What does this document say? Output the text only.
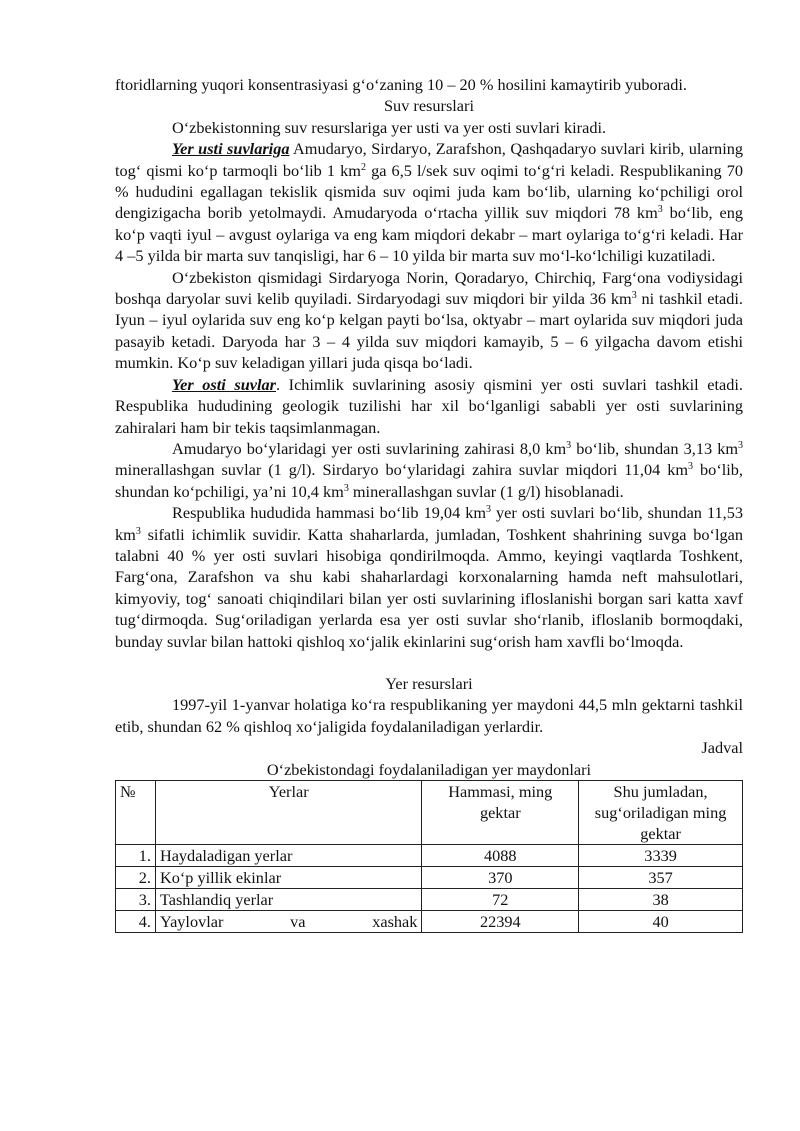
ftoridlarning yuqori konsentrasiyasi g‘o‘zaning 10 – 20 % hosilini kamaytirib yuboradi.

Suv resurslari

O‘zbekistonning suv resurslariga yer usti va yer osti suvlari kiradi.

Yer usti suvlariga Amudaryo, Sirdaryo, Zarafshon, Qashqadaryo suvlari kirib, ularning tog‘ qismi ko‘p tarmoqli bo‘lib 1 $km^2$ ga 6,5 l/sek suv oqimi to‘g‘ri keladi. Respublikaning 70 % hududini egallagan tekislik qismida suv oqimi juda kam bo‘lib, ularning ko‘pchiligi orol dengizigacha borib yetolmaydi. Amudaryoda o‘rtacha yillik suv miqdori 78 $km^3$ bo‘lib, eng ko‘p vaqti iyul – avgust oylariga va eng kam miqdori dekabr – mart oylariga to‘g‘ri keladi. Har 4 –5 yilda bir marta suv tanqisligi, har 6 – 10 yilda bir marta suv mo‘l-ko‘lchiligi kuzatiladi.

O‘zbekiston qismidagi Sirdaryoga Norin, Qoradaryo, Chirchiq, Farg‘ona vodiysidagi boshqa daryolar suvi kelib quyiladi. Sirdaryodagi suv miqdori bir yilda 36 $km^3$ ni tashkil etadi. Iyun – iyul oylarida suv eng ko‘p kelgan payti bo‘lsa, oktyabr – mart oylarida suv miqdori juda pasayib ketadi. Daryoda har 3 – 4 yilda suv miqdori kamayib, 5 – 6 yilgacha davom etishi mumkin. Ko‘p suv keladigan yillari juda qisqa bo‘ladi.

Yer osti suvlar. Ichimlik suvlarining asosiy qismini yer osti suvlari tashkil etadi. Respublika hududining geologik tuzilishi har xil bo‘lganligi sababli yer osti suvlarining zahiralari ham bir tekis taqsimlanmagan.

Amudaryo bo‘ylaridagi yer osti suvlarining zahirasi 8,0 $km^3$ bo‘lib, shundan 3,13 $km^3$ minerallashgan suvlar (1 g/l). Sirdaryo bo‘ylaridagi zahira suvlar miqdori 11,04 $km^3$ bo‘lib, shundan ko‘pchiligi, ya’ni 10,4 $km^3$ minerallashgan suvlar (1 g/l) hisoblanadi.

Respublika hududida hammasi bo‘lib 19,04 $km^3$ yer osti suvlari bo‘lib, shundan 11,53 $km^3$ sifatli ichimlik suvidir. Katta shaharlarda, jumladan, Toshkent shahrining suvga bo‘lgan talabni 40 % yer osti suvlari hisobiga qondirilmoqda. Ammo, keyingi vaqtlarda Toshkent, Farg‘ona, Zarafshon va shu kabi shaharlardagi korxonalarning hamda neft mahsulotlari, kimyoviy, tog‘ sanoati chiqindilari bilan yer osti suvlarining ifloslanishi borgan sari katta xavf tug‘dirmoqda. Sug‘oriladigan yerlarda esa yer osti suvlar sho‘rlanib, ifloslanib bormoqdaki, bunday suvlar bilan hattoki qishloq xo‘jalik ekinlarini sug‘orish ham xavfli bo‘lmoqda.

Yer resurslari

1997-yil 1-yanvar holatiga ko‘ra respublikaning yer maydoni 44,5 mln gektarni tashkil etib, shundan 62 % qishloq xo‘jaligida foydalaniladigan yerlardir.

Jadval

O‘zbekistondagi foydalaniladigan yer maydonlari

№	Yerlar	Hammasi, ming gektar	Shu jumladan, sug‘oriladigan ming gektar
1.	Haydaladigan yerlar	4088	3339
2.	Ko‘p yillik ekinlar	370	357
3.	Tashlandiq yerlar	72	38
4.	Yaylovlar va xashak	22394	40
